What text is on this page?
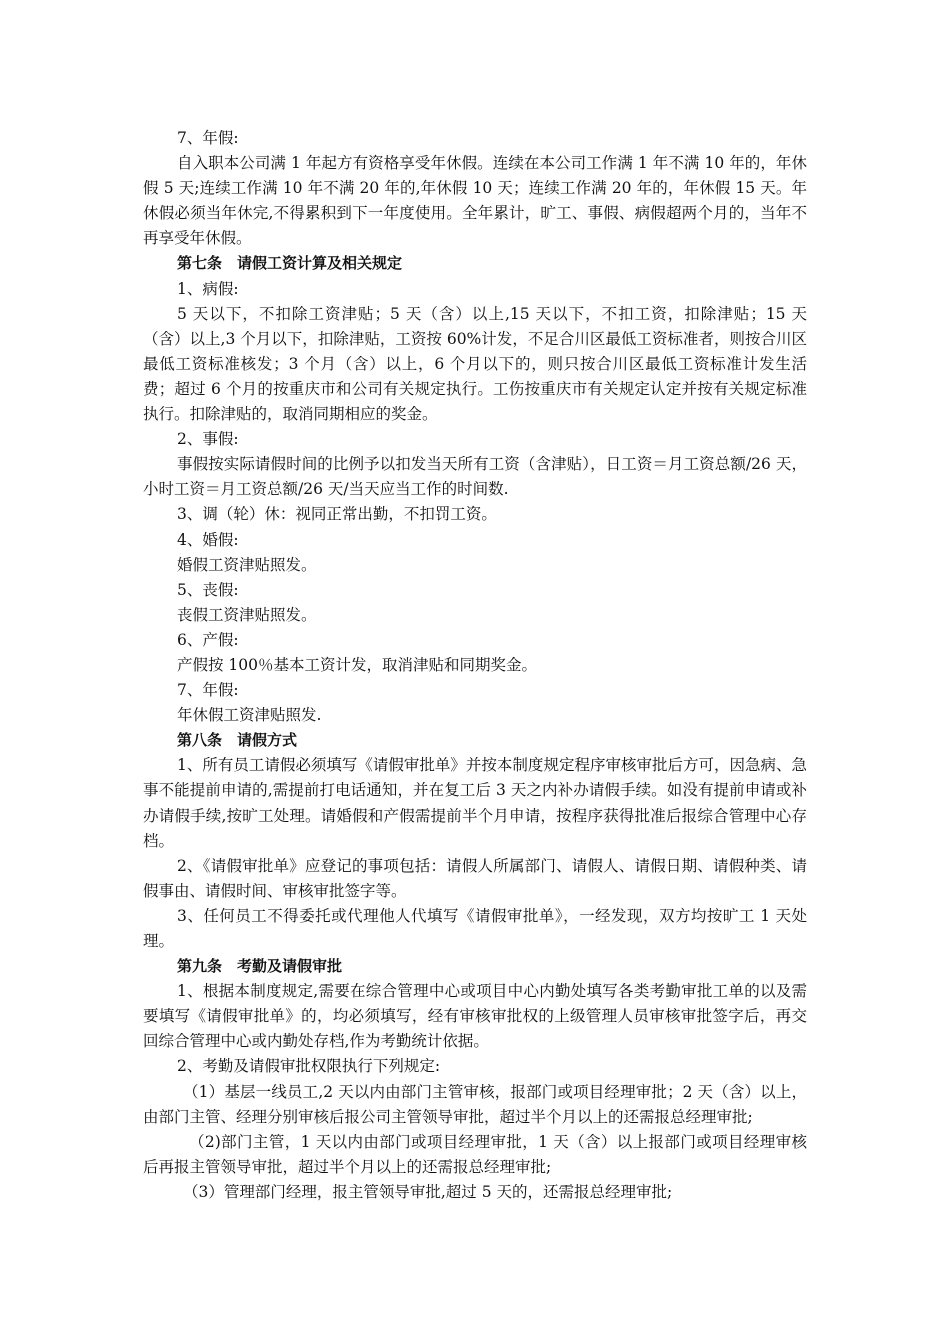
7、年假:

自入职本公司满 1 年起方有资格享受年休假。连续在本公司工作满 1 年不满 10 年的，年休假 5 天;连续工作满 10 年不满 20 年的,年休假 10 天；连续工作满 20 年的，年休假 15 天。年休假必须当年休完,不得累积到下一年度使用。全年累计，旷工、事假、病假超两个月的，当年不再享受年休假。

第七条　请假工资计算及相关规定

1、病假:

5 天以下，不扣除工资津贴；5 天（含）以上,15 天以下，不扣工资，扣除津贴；15 天（含）以上,3 个月以下，扣除津贴，工资按 60%计发，不足合川区最低工资标准者，则按合川区最低工资标准核发；3 个月（含）以上，6 个月以下的，则只按合川区最低工资标准计发生活费；超过 6 个月的按重庆市和公司有关规定执行。工伤按重庆市有关规定认定并按有关规定标准执行。扣除津贴的，取消同期相应的奖金。

2、事假:

事假按实际请假时间的比例予以扣发当天所有工资（含津贴），日工资＝月工资总额/26 天，小时工资＝月工资总额/26 天/当天应当工作的时间数.

3、调（轮）休：视同正常出勤，不扣罚工资。

4、婚假:

婚假工资津贴照发。

5、丧假:

丧假工资津贴照发。

6、产假:

产假按 100％基本工资计发，取消津贴和同期奖金。

7、年假:

年休假工资津贴照发.

第八条　请假方式

1、所有员工请假必须填写《请假审批单》并按本制度规定程序审核审批后方可，因急病、急事不能提前申请的,需提前打电话通知，并在复工后 3 天之内补办请假手续。如没有提前申请或补办请假手续,按旷工处理。请婚假和产假需提前半个月申请，按程序获得批准后报综合管理中心存档。

2、《请假审批单》应登记的事项包括：请假人所属部门、请假人、请假日期、请假种类、请假事由、请假时间、审核审批签字等。

3、任何员工不得委托或代理他人代填写《请假审批单》，一经发现，双方均按旷工 1 天处理。

第九条　考勤及请假审批

1、根据本制度规定,需要在综合管理中心或项目中心内勤处填写各类考勤审批工单的以及需要填写《请假审批单》的，均必须填写，经有审核审批权的上级管理人员审核审批签字后，再交回综合管理中心或内勤处存档,作为考勤统计依据。

2、考勤及请假审批权限执行下列规定:

（1）基层一线员工,2 天以内由部门主管审核，报部门或项目经理审批；2 天（含）以上，由部门主管、经理分别审核后报公司主管领导审批，超过半个月以上的还需报总经理审批;

（2)部门主管，1 天以内由部门或项目经理审批，1 天（含）以上报部门或项目经理审核后再报主管领导审批，超过半个月以上的还需报总经理审批;

（3）管理部门经理，报主管领导审批,超过 5 天的，还需报总经理审批;
